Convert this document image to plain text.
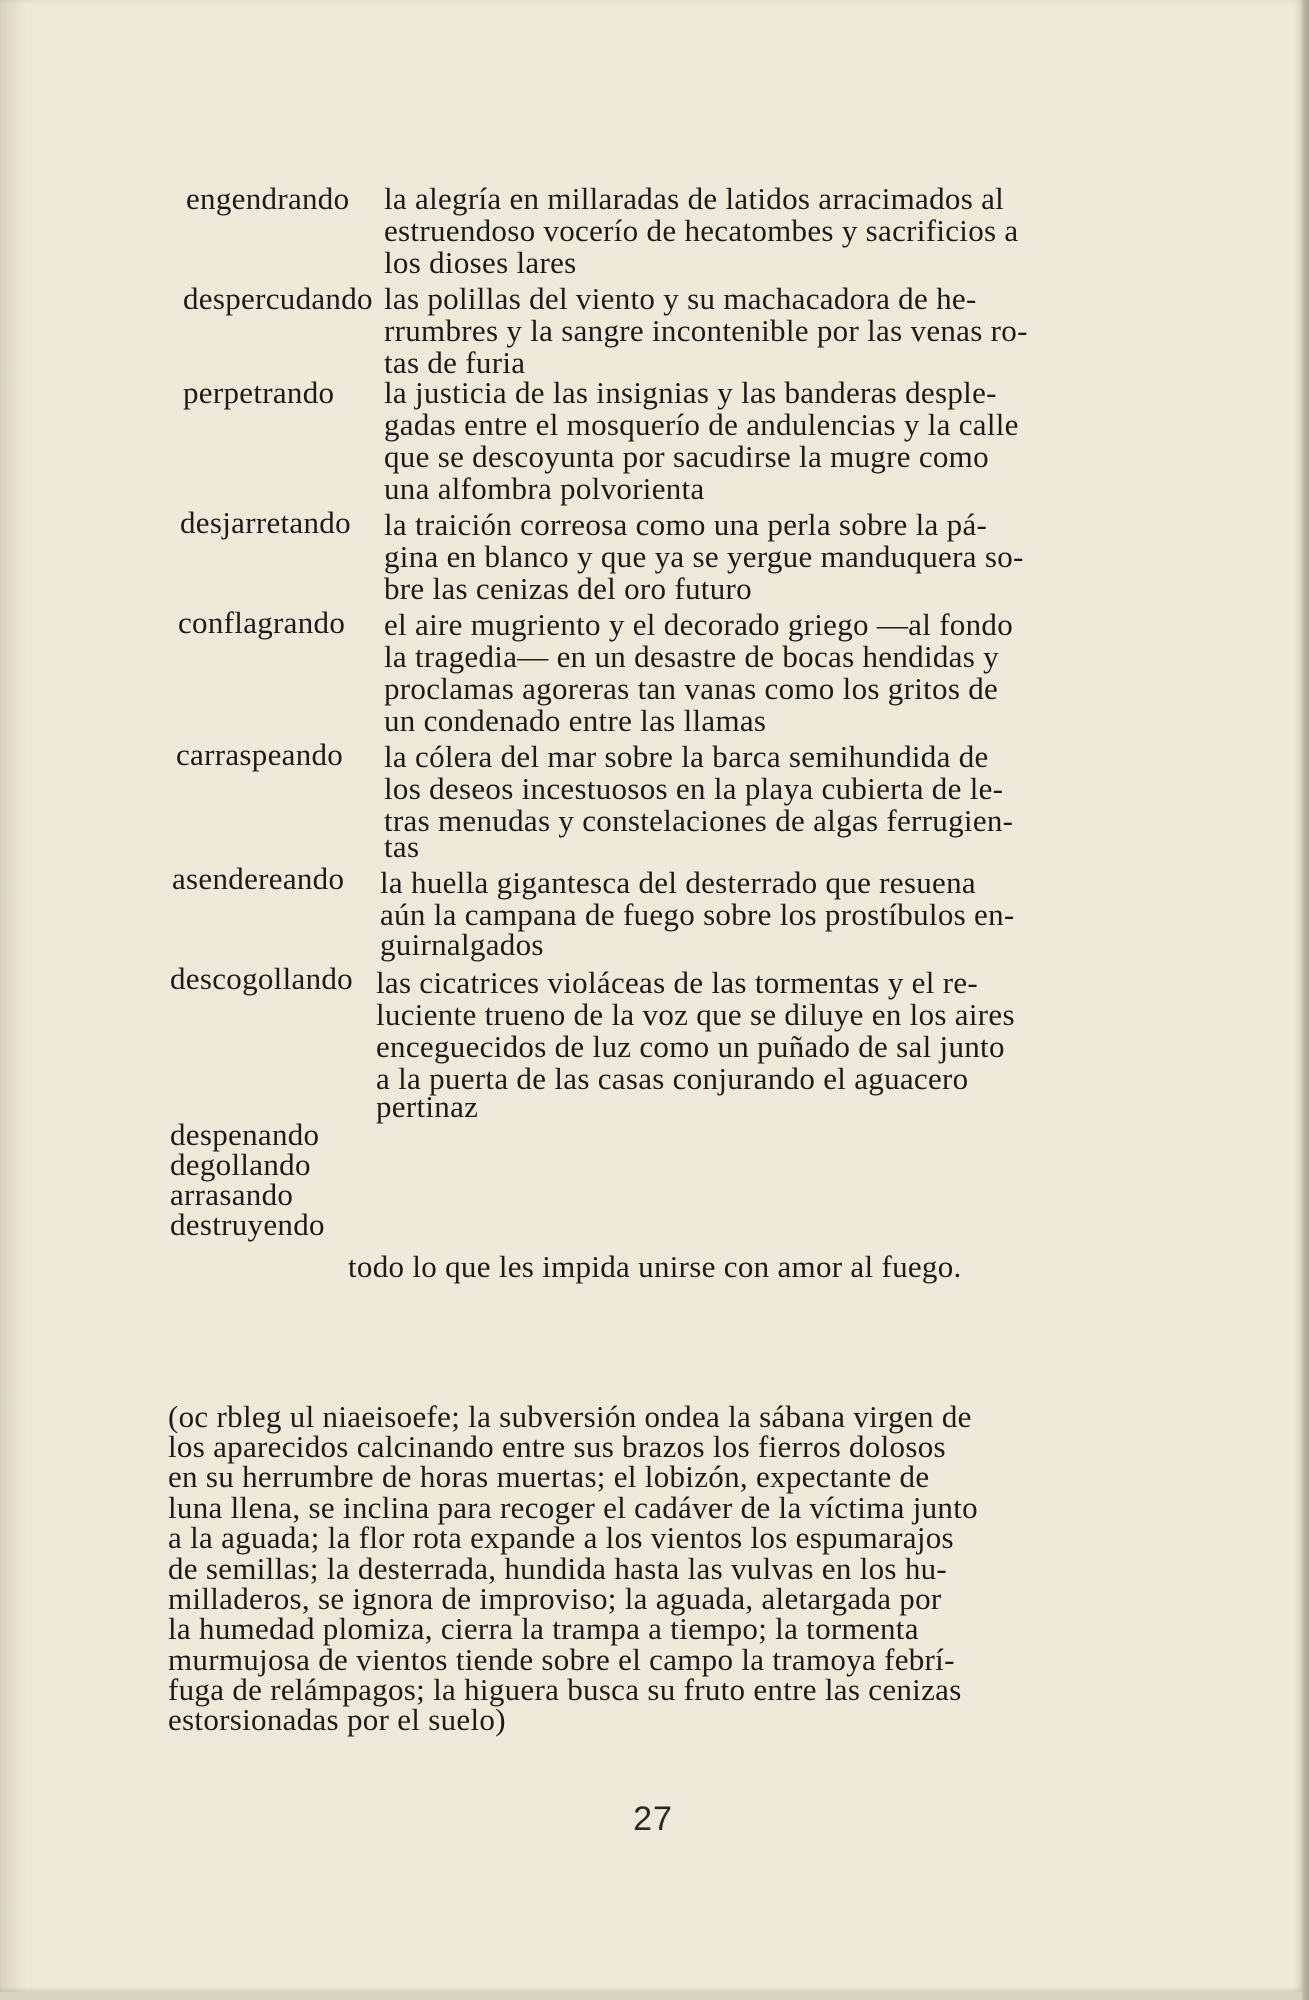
engendrando la alegría en millaradas de latidos arracimados al
estruendoso vocerío de hecatombes y sacrificios a
los dioses lares
despercudando las polillas del viento y su machacadora de he-
rrumbres y la sangre incontenible por las venas ro-
tas de furia
perpetrando la justicia de las insignias y las banderas desple-
gadas entre el mosquerío de andulencias y la calle
que se descoyunta por sacudirse la mugre como
una alfombra polvorienta
desjarretando la traición correosa como una perla sobre la pá-
gina en blanco y que ya se yergue manduquera so-
bre las cenizas del oro futuro
conflagrando el aire mugriento y el decorado griego —al fondo
la tragedia— en un desastre de bocas hendidas y
proclamas agoreras tan vanas como los gritos de
un condenado entre las llamas
carraspeando la cólera del mar sobre la barca semihundida de
los deseos incestuosos en la playa cubierta de le-
tras menudas y constelaciones de algas ferrugien-
tas
asendereando la huella gigantesca del desterrado que resuena
aún la campana de fuego sobre los prostíbulos en-
guirnalgados
descogollando las cicatrices violáceas de las tormentas y el re-
luciente trueno de la voz que se diluye en los aires
enceguecidos de luz como un puñado de sal junto
a la puerta de las casas conjurando el aguacero
pertinaz
despenando
degollando
arrasando
destruyendo
todo lo que les impida unirse con amor al fuego.
(oc rbleg ul niaeisoefe; la subversión ondea la sábana virgen de
los aparecidos calcinando entre sus brazos los fierros dolosos
en su herrumbre de horas muertas; el lobizón, expectante de
luna llena, se inclina para recoger el cadáver de la víctima junto
a la aguada; la flor rota expande a los vientos los espumarajos
de semillas; la desterrada, hundida hasta las vulvas en los hu-
milladeros, se ignora de improviso; la aguada, aletargada por
la humedad plomiza, cierra la trampa a tiempo; la tormenta
murmujosa de vientos tiende sobre el campo la tramoya febrí-
fuga de relámpagos; la higuera busca su fruto entre las cenizas
estorsionadas por el suelo)
27
